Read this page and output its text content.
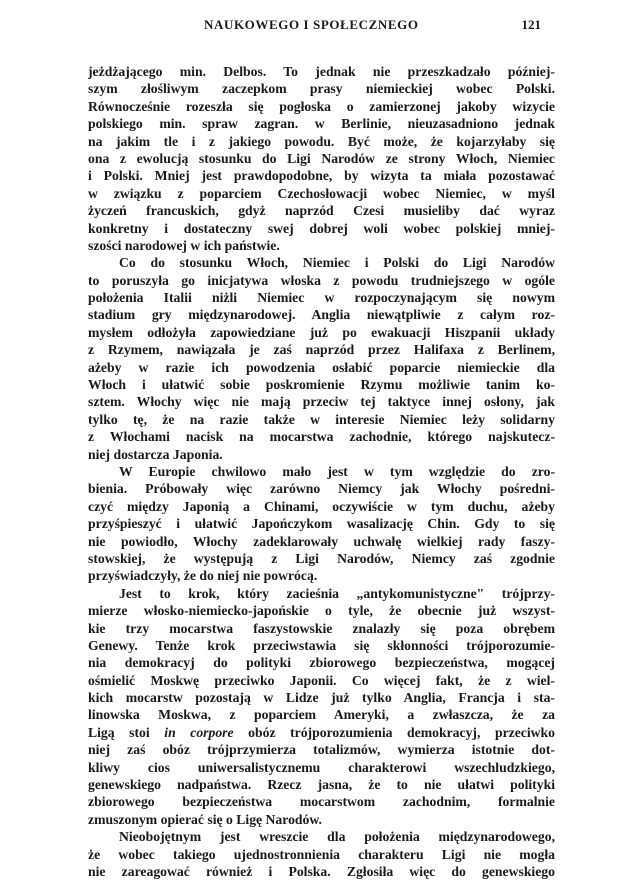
NAUKOWEGO I SPOŁECZNEGO	121
jeżdżającego min. Delbos. To jednak nie przeszkadzało później-
szym złośliwym zaczepkom prasy niemieckiej wobec Polski.
Równocześnie rozeszła się pogłoska o zamierzonej jakoby wizycie
polskiego min. spraw zagran. w Berlinie, nieuzasadniono jednak
na jakim tle i z jakiego powodu. Być może, że kojarzyłaby się
ona z ewolucją stosunku do Ligi Narodów ze strony Włoch, Niemiec
i Polski. Mniej jest prawdopodobne, by wizyta ta miała pozostawać
w związku z poparciem Czechosłowacji wobec Niemiec, w myśl
życzeń francuskich, gdyż naprzód Czesi musieliby dać wyraz
konkretny i dostateczny swej dobrej woli wobec polskiej mniej-
szości narodowej w ich państwie.
Co do stosunku Włoch, Niemiec i Polski do Ligi Narodów
to poruszyła go inicjatywa włoska z powodu trudniejszego w ogóle
położenia Italii niżli Niemiec w rozpoczynającym się nowym
stadium gry międzynarodowej. Anglia niewątpliwie z całym roz-
mysłem odłożyła zapowiedziane już po ewakuacji Hiszpanii układy
z Rzymem, nawiązała je zaś naprzód przez Halifaxa z Berlinem,
ażeby w razie ich powodzenia osłabić poparcie niemieckie dla
Włoch i ułatwić sobie poskromienie Rzymu możliwie tanim ko-
sztem. Włochy więc nie mają przeciw tej taktyce innej osłony, jak
tylko tę, że na razie także w interesie Niemiec leży solidarny
z Włochami nacisk na mocarstwa zachodnie, którego najskutecz-
niej dostarcza Japonia.
W Europie chwilowo mało jest w tym względzie do zro-
bienia. Próbowały więc zarówno Niemcy jak Włochy pośredni-
czyć między Japonią a Chinami, oczywiście w tym duchu, ażeby
przyśpieszyć i ułatwić Japończykom wasalizację Chin. Gdy to się
nie powiodło, Włochy zadeklarowały uchwałę wielkiej rady faszy-
stowskiej, że występują z Ligi Narodów, Niemcy zaś zgodnie
przyświadczyły, że do niej nie powrócą.
Jest to krok, który zacieśnia „antykomunistyczne" trójprzy-
mierze włosko-niemiecko-japońskie o tyle, że obecnie już wszyst-
kie trzy mocarstwa faszystowskie znalazły się poza obrębem
Genewy. Tenże krok przeciwstawia się skłonności trójporozumie-
nia demokracyj do polityki zbiorowego bezpieczeństwa, mogącej
ośmielić Moskwę przeciwko Japonii. Co więcej fakt, że z wiel-
kich mocarstw pozostają w Lidze już tylko Anglia, Francja i sta-
linowska Moskwa, z poparciem Ameryki, a zwłaszcza, że za
Ligą stoi in corpore obóz trójporozumienia demokracyj, przeciwko
niej zaś obóz trójprzymierza totalizmów, wymierza istotnie dot-
kliwy cios uniwersalistycznemu charakterowi wszechludzkiego,
genewskiego nadpaństwa. Rzecz jasna, że to nie ułatwi polityki
zbiorowego bezpieczeństwa mocarstwom zachodnim, formalnie
zmuszonym opierać się o Ligę Narodów.
Nieobojętnym jest wreszcie dla położenia międzynarodowego,
że wobec takiego ujednostronnienia charakteru Ligi nie mogła
nie zareagować również i Polska. Zgłosiła więc do genewskiego
